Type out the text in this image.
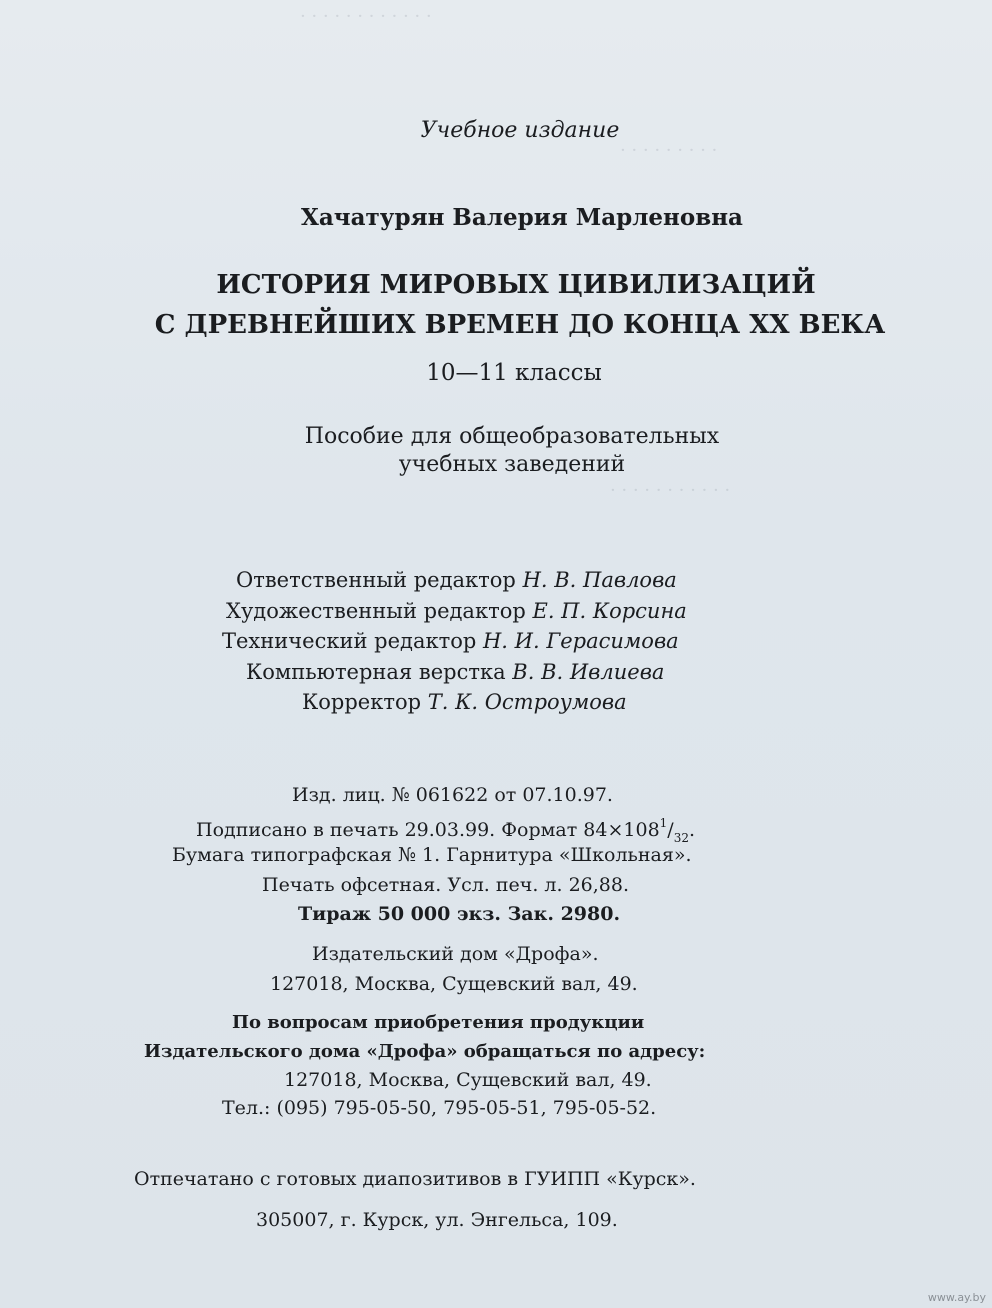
· · · · · · · · · · · ·
· · · · · · · · ·
· · · · · · · · · · ·
Учебное издание
Хачатурян Валерия Марленовна
ИСТОРИЯ МИРОВЫХ ЦИВИЛИЗАЦИЙ
С ДРЕВНЕЙШИХ ВРЕМЕН ДО КОНЦА XX ВЕКА
10—11 классы
Пособие для общеобразовательных
учебных заведений
Ответственный редактор Н. В. Павлова
Художественный редактор Е. П. Корсина
Технический редактор Н. И. Герасимова
Компьютерная верстка В. В. Ивлиева
Корректор Т. К. Остроумова
Изд. лиц. № 061622 от 07.10.97.
Подписано в печать 29.03.99. Формат $84\times 108^1/_{32}$.
Бумага типографская № 1. Гарнитура «Школьная».
Печать офсетная. Усл. печ. л. 26,88.
Тираж 50 000 экз. Зак. 2980.
Издательский дом «Дрофа».
127018, Москва, Сущевский вал, 49.
По вопросам приобретения продукции
Издательского дома «Дрофа» обращаться по адресу:
127018, Москва, Сущевский вал, 49.
Тел.: (095) 795-05-50, 795-05-51, 795-05-52.
Отпечатано с готовых диапозитивов в ГУИПП «Курск».
305007, г. Курск, ул. Энгельса, 109.
www.ay.by
